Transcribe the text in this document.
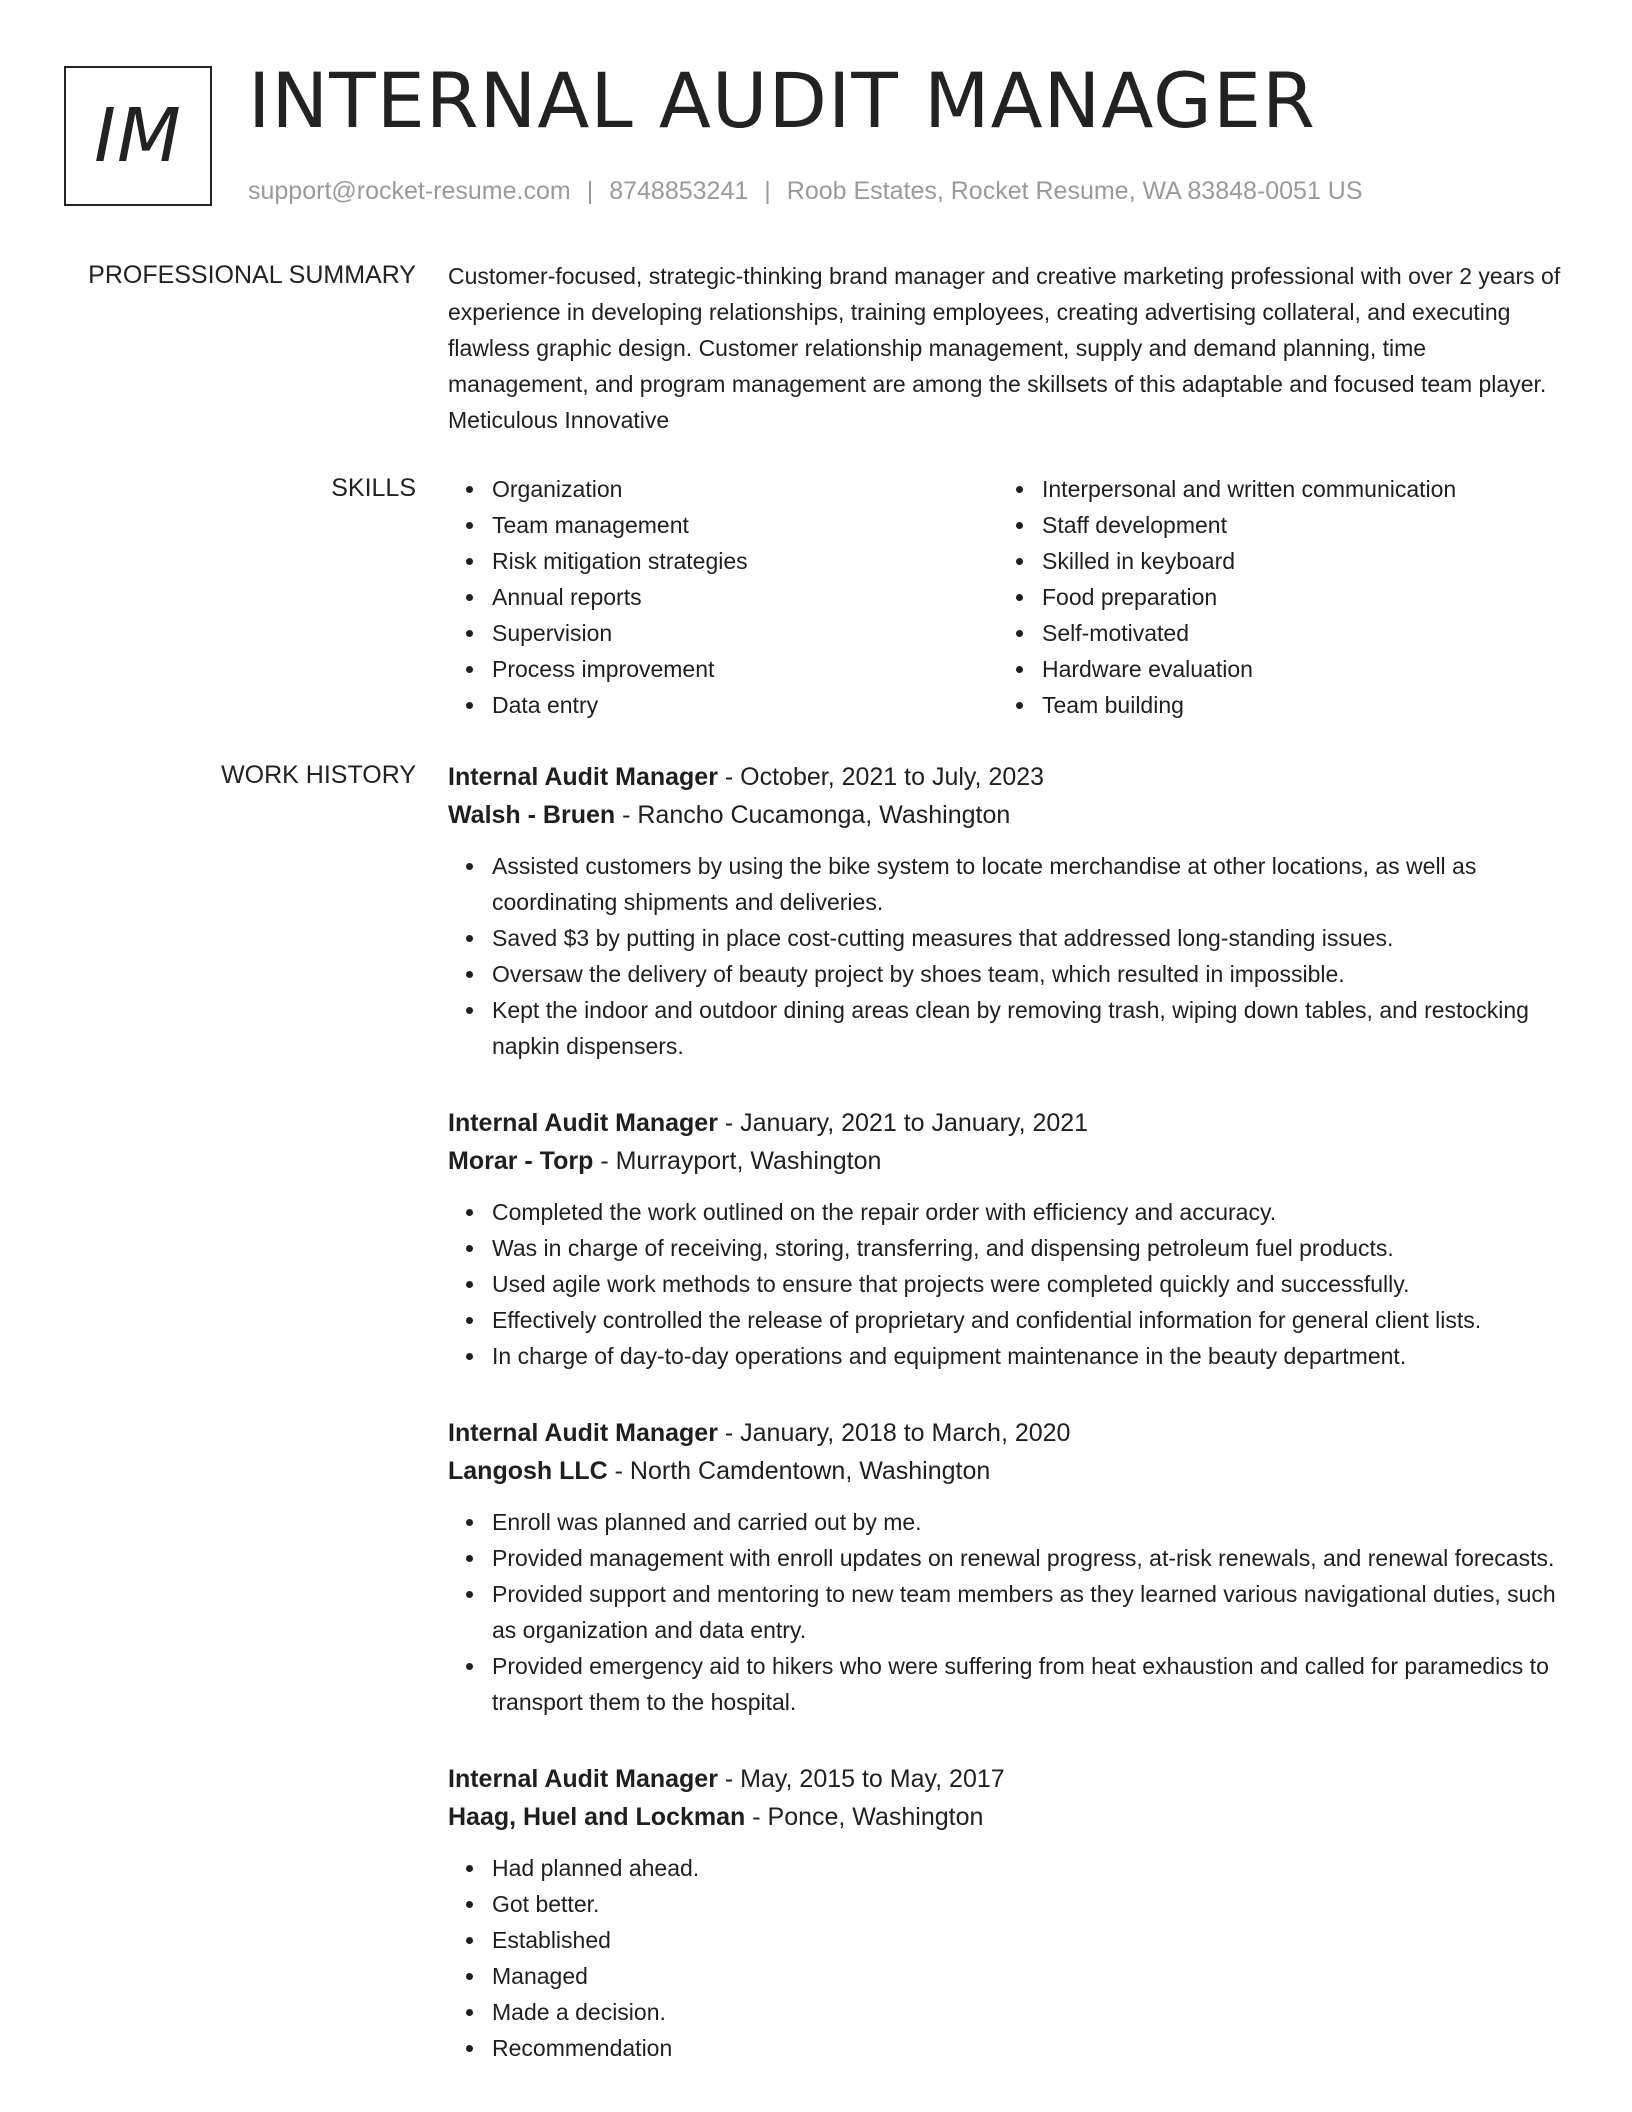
IM INTERNAL AUDIT MANAGER
support@rocket-resume.com | 8748853241 | Roob Estates, Rocket Resume, WA 83848-0051 US
PROFESSIONAL SUMMARY Customer-focused, strategic-thinking brand manager and creative marketing professional with over 2 years of experience in developing relationships, training employees, creating advertising collateral, and executing flawless graphic design. Customer relationship management, supply and demand planning, time management, and program management are among the skillsets of this adaptable and focused team player. Meticulous Innovative

SKILLS	Organization
Team management
Risk mitigation strategies
Annual reports
Supervision
Process improvement
Data entry
Interpersonal and written communication
Staff development
Skilled in keyboard
Food preparation
Self-motivated
Hardware evaluation
Team building
WORK HISTORY Internal Audit Manager - October, 2021 to July, 2023
Walsh - Bruen - Rancho Cucamonga, Washington
Assisted customers by using the bike system to locate merchandise at other locations, as well as coordinating shipments and deliveries.
Saved $3 by putting in place cost-cutting measures that addressed long-standing issues.
Oversaw the delivery of beauty project by shoes team, which resulted in impossible.
Kept the indoor and outdoor dining areas clean by removing trash, wiping down tables, and restocking napkin dispensers.
Internal Audit Manager - January, 2021 to January, 2021
Morar - Torp - Murrayport, Washington
Completed the work outlined on the repair order with efficiency and accuracy.
Was in charge of receiving, storing, transferring, and dispensing petroleum fuel products.
Used agile work methods to ensure that projects were completed quickly and successfully.
Effectively controlled the release of proprietary and confidential information for general client lists.
In charge of day-to-day operations and equipment maintenance in the beauty department.
Internal Audit Manager - January, 2018 to March, 2020
Langosh LLC - North Camdentown, Washington
Enroll was planned and carried out by me.
Provided management with enroll updates on renewal progress, at-risk renewals, and renewal forecasts.
Provided support and mentoring to new team members as they learned various navigational duties, such as organization and data entry.
Provided emergency aid to hikers who were suffering from heat exhaustion and called for paramedics to transport them to the hospital.
Internal Audit Manager - May, 2015 to May, 2017
Haag, Huel and Lockman - Ponce, Washington
Had planned ahead.
Got better.
Established
Managed
Made a decision.
Recommendation
